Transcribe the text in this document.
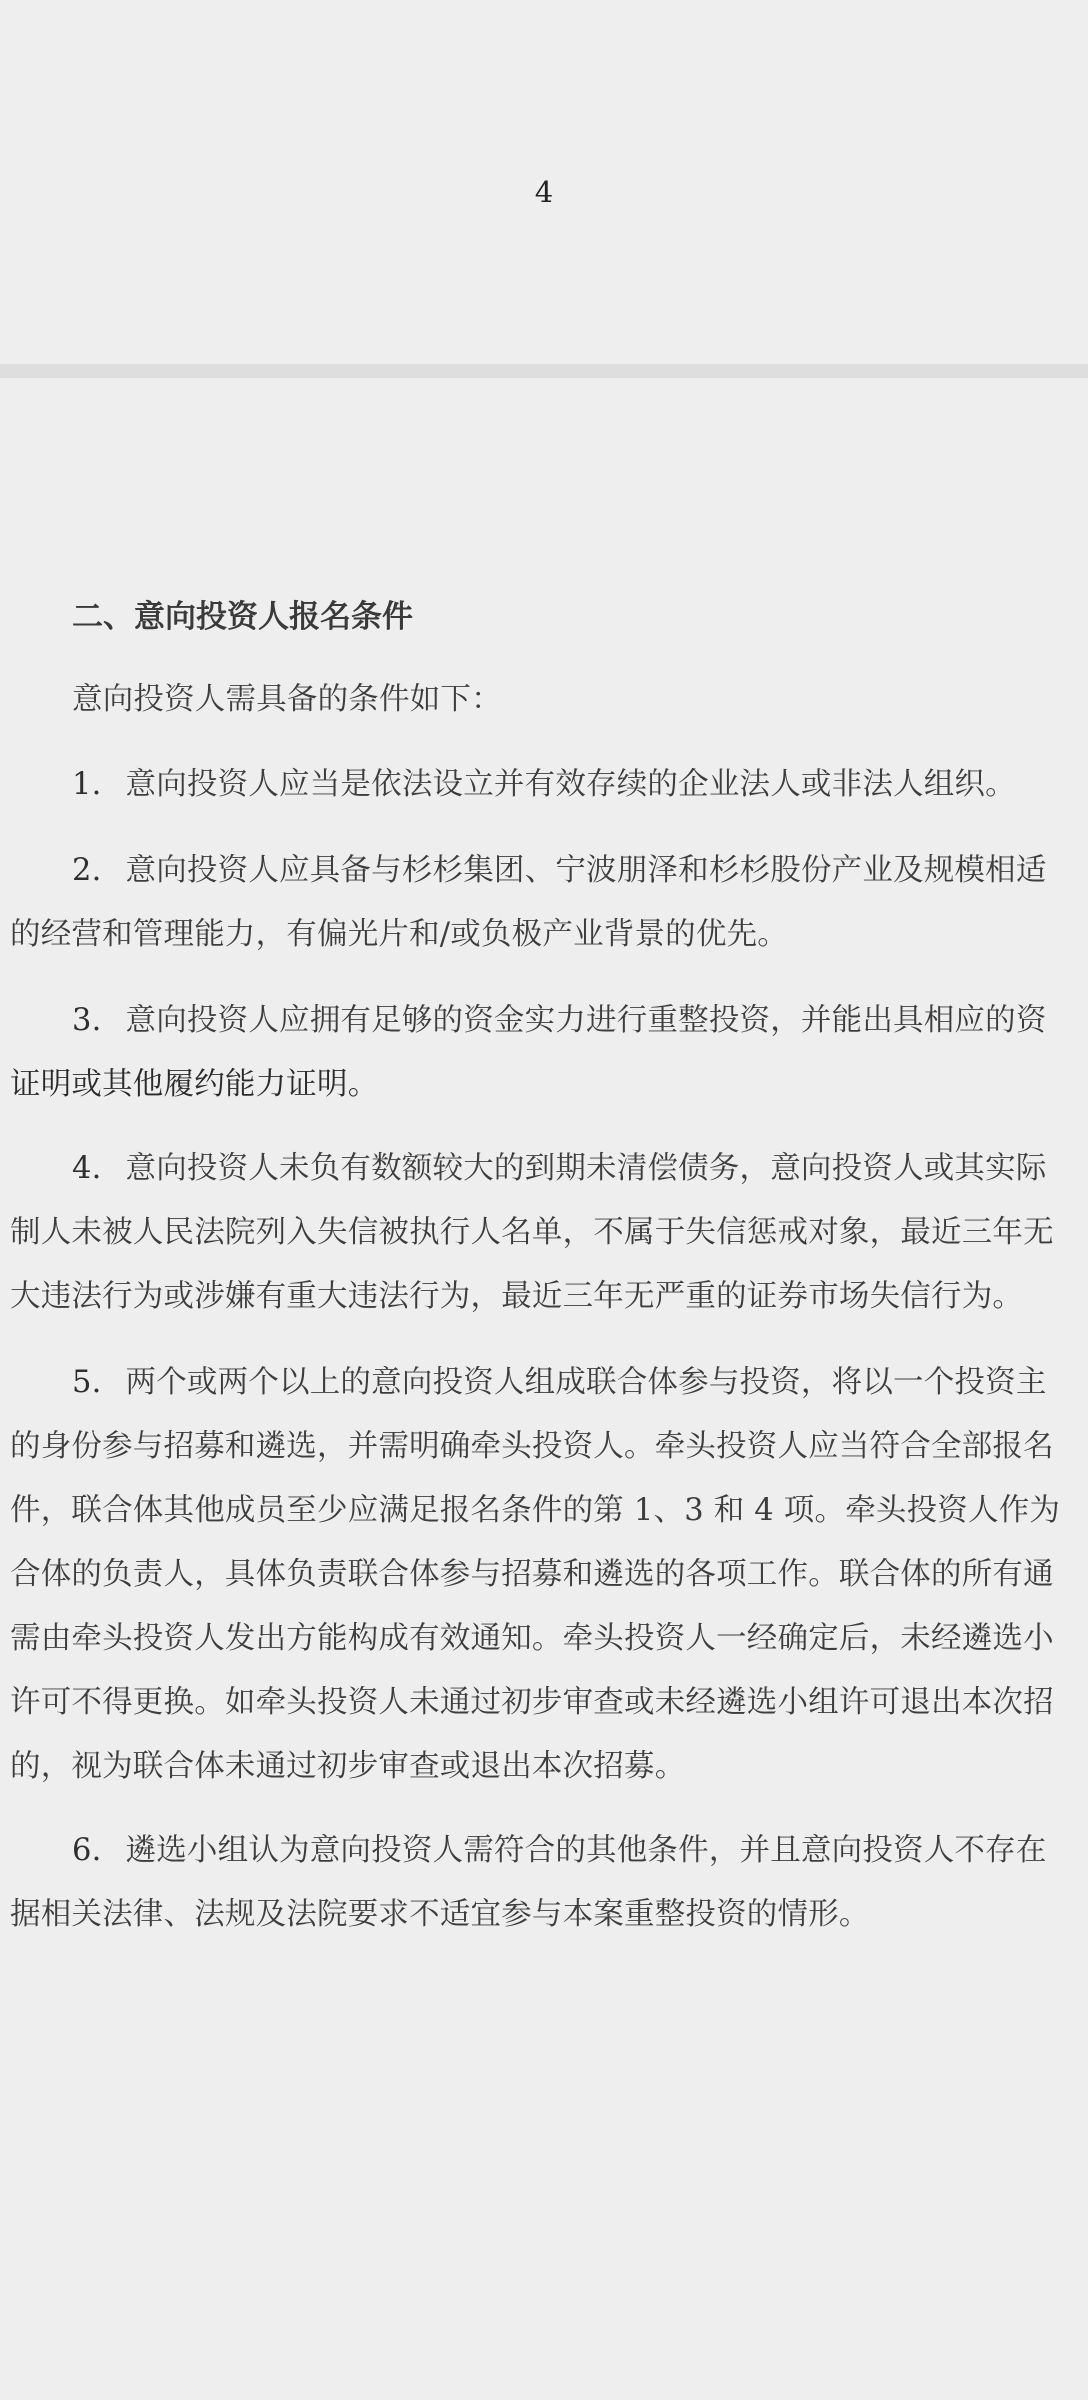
4
二、意向投资人报名条件
意向投资人需具备的条件如下：
1. 意向投资人应当是依法设立并有效存续的企业法人或非法人组织。
2. 意向投资人应具备与杉杉集团、宁波朋泽和杉杉股份产业及规模相适
的经营和管理能力，有偏光片和/或负极产业背景的优先。
3. 意向投资人应拥有足够的资金实力进行重整投资，并能出具相应的资
证明或其他履约能力证明。
4. 意向投资人未负有数额较大的到期未清偿债务，意向投资人或其实际
制人未被人民法院列入失信被执行人名单，不属于失信惩戒对象，最近三年无
大违法行为或涉嫌有重大违法行为，最近三年无严重的证券市场失信行为。
5. 两个或两个以上的意向投资人组成联合体参与投资，将以一个投资主
的身份参与招募和遴选，并需明确牵头投资人。牵头投资人应当符合全部报名
件，联合体其他成员至少应满足报名条件的第 1、3 和 4 项。牵头投资人作为
合体的负责人，具体负责联合体参与招募和遴选的各项工作。联合体的所有通
需由牵头投资人发出方能构成有效通知。牵头投资人一经确定后，未经遴选小
许可不得更换。如牵头投资人未通过初步审查或未经遴选小组许可退出本次招
的，视为联合体未通过初步审查或退出本次招募。
6. 遴选小组认为意向投资人需符合的其他条件，并且意向投资人不存在
据相关法律、法规及法院要求不适宜参与本案重整投资的情形。
